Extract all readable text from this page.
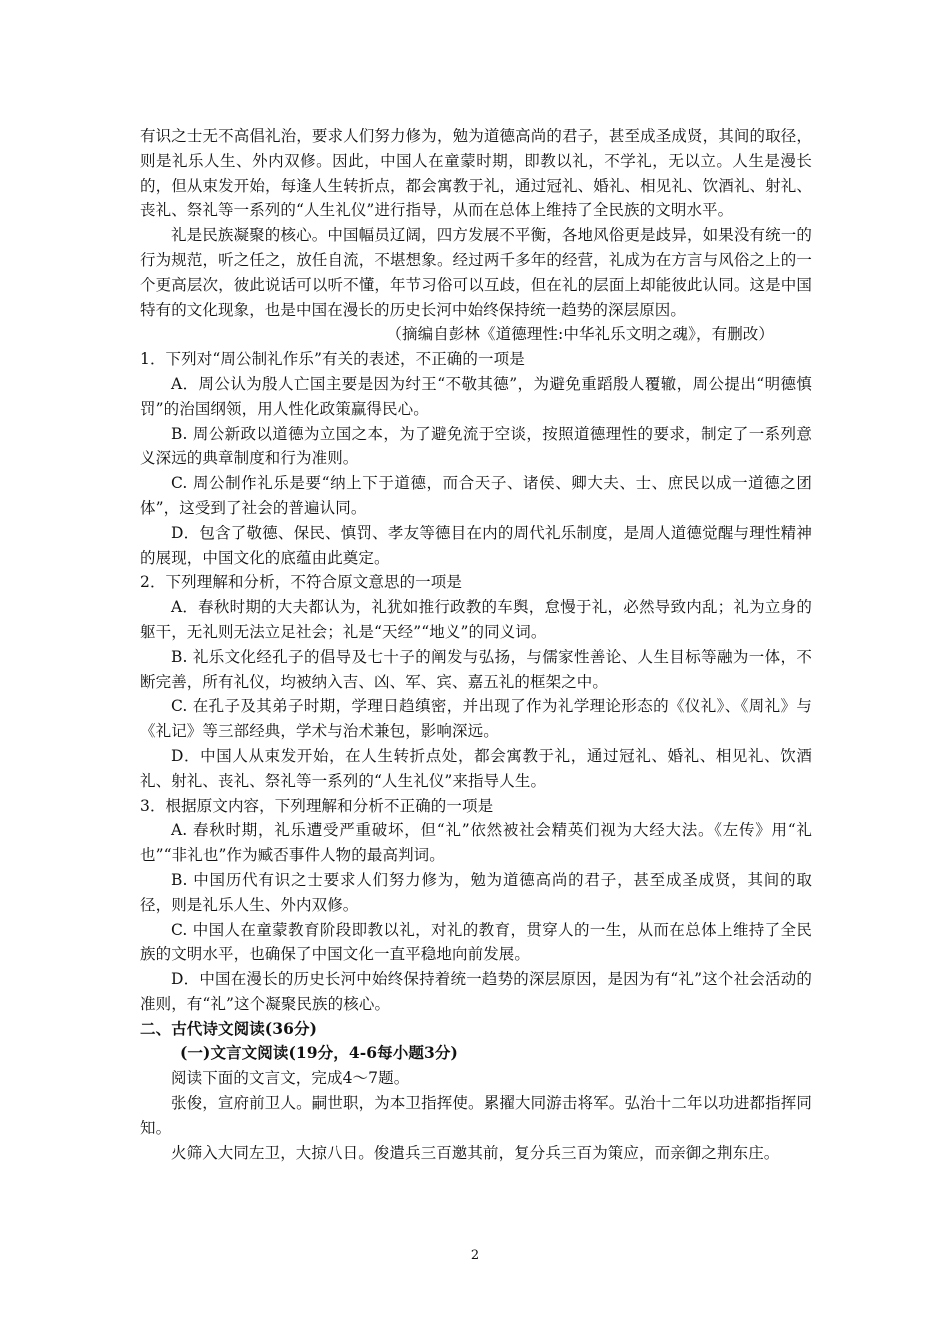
有识之士无不高倡礼治，要求人们努力修为，勉为道德高尚的君子，甚至成圣成贤，其间的取径，则是礼乐人生、外内双修。因此，中国人在童蒙时期，即教以礼，不学礼，无以立。人生是漫长的，但从束发开始，每逢人生转折点，都会寓教于礼，通过冠礼、婚礼、相见礼、饮酒礼、射礼、丧礼、祭礼等一系列的“人生礼仪”进行指导，从而在总体上维持了全民族的文明水平。

礼是民族凝聚的核心。中国幅员辽阔，四方发展不平衡，各地风俗更是歧异，如果没有统一的行为规范，听之任之，放任自流，不堪想象。经过两千多年的经营，礼成为在方言与风俗之上的一个更高层次，彼此说话可以听不懂，年节习俗可以互歧，但在礼的层面上却能彼此认同。这是中国特有的文化现象，也是中国在漫长的历史长河中始终保持统一趋势的深层原因。

（摘编自彭林《道德理性:中华礼乐文明之魂》，有删改）

1．下列对“周公制礼作乐”有关的表述，不正确的一项是

A．周公认为殷人亡国主要是因为纣王“不敬其德”，为避免重蹈殷人覆辙，周公提出“明德慎罚”的治国纲领，用人性化政策赢得民心。

B. 周公新政以道德为立国之本，为了避免流于空谈，按照道德理性的要求，制定了一系列意义深远的典章制度和行为准则。

C. 周公制作礼乐是要“纳上下于道德，而合天子、诸侯、卿大夫、士、庶民以成一道德之团体”，这受到了社会的普遍认同。

D．包含了敬德、保民、慎罚、孝友等德目在内的周代礼乐制度，是周人道德觉醒与理性精神的展现，中国文化的底蕴由此奠定。

2．下列理解和分析，不符合原文意思的一项是

A．春秋时期的大夫都认为，礼犹如推行政教的车舆，怠慢于礼，必然导致内乱；礼为立身的躯干，无礼则无法立足社会；礼是“天经”“地义”的同义词。

B. 礼乐文化经孔子的倡导及七十子的阐发与弘扬，与儒家性善论、人生目标等融为一体，不断完善，所有礼仪，均被纳入吉、凶、军、宾、嘉五礼的框架之中。

C. 在孔子及其弟子时期，学理日趋缜密，并出现了作为礼学理论形态的《仪礼》、《周礼》与《礼记》等三部经典，学术与治术兼包，影响深远。

D．中国人从束发开始，在人生转折点处，都会寓教于礼，通过冠礼、婚礼、相见礼、饮酒礼、射礼、丧礼、祭礼等一系列的“人生礼仪”来指导人生。

3．根据原文内容，下列理解和分析不正确的一项是

A. 春秋时期，礼乐遭受严重破坏，但“礼”依然被社会精英们视为大经大法。《左传》用“礼也”“非礼也”作为臧否事件人物的最高判词。

B. 中国历代有识之士要求人们努力修为，勉为道德高尚的君子，甚至成圣成贤，其间的取径，则是礼乐人生、外内双修。

C. 中国人在童蒙教育阶段即教以礼，对礼的教育，贯穿人的一生，从而在总体上维持了全民族的文明水平，也确保了中国文化一直平稳地向前发展。

D．中国在漫长的历史长河中始终保持着统一趋势的深层原因，是因为有“礼”这个社会活动的准则，有“礼”这个凝聚民族的核心。

二、古代诗文阅读(36分)

(一)文言文阅读(19分，4-6每小题3分)

阅读下面的文言文，完成4～7题。

张俊，宣府前卫人。嗣世职，为本卫指挥使。累擢大同游击将军。弘治十二年以功进都指挥同知。

火筛入大同左卫，大掠八日。俊遣兵三百邀其前，复分兵三百为策应，而亲御之荆东庄。

2
